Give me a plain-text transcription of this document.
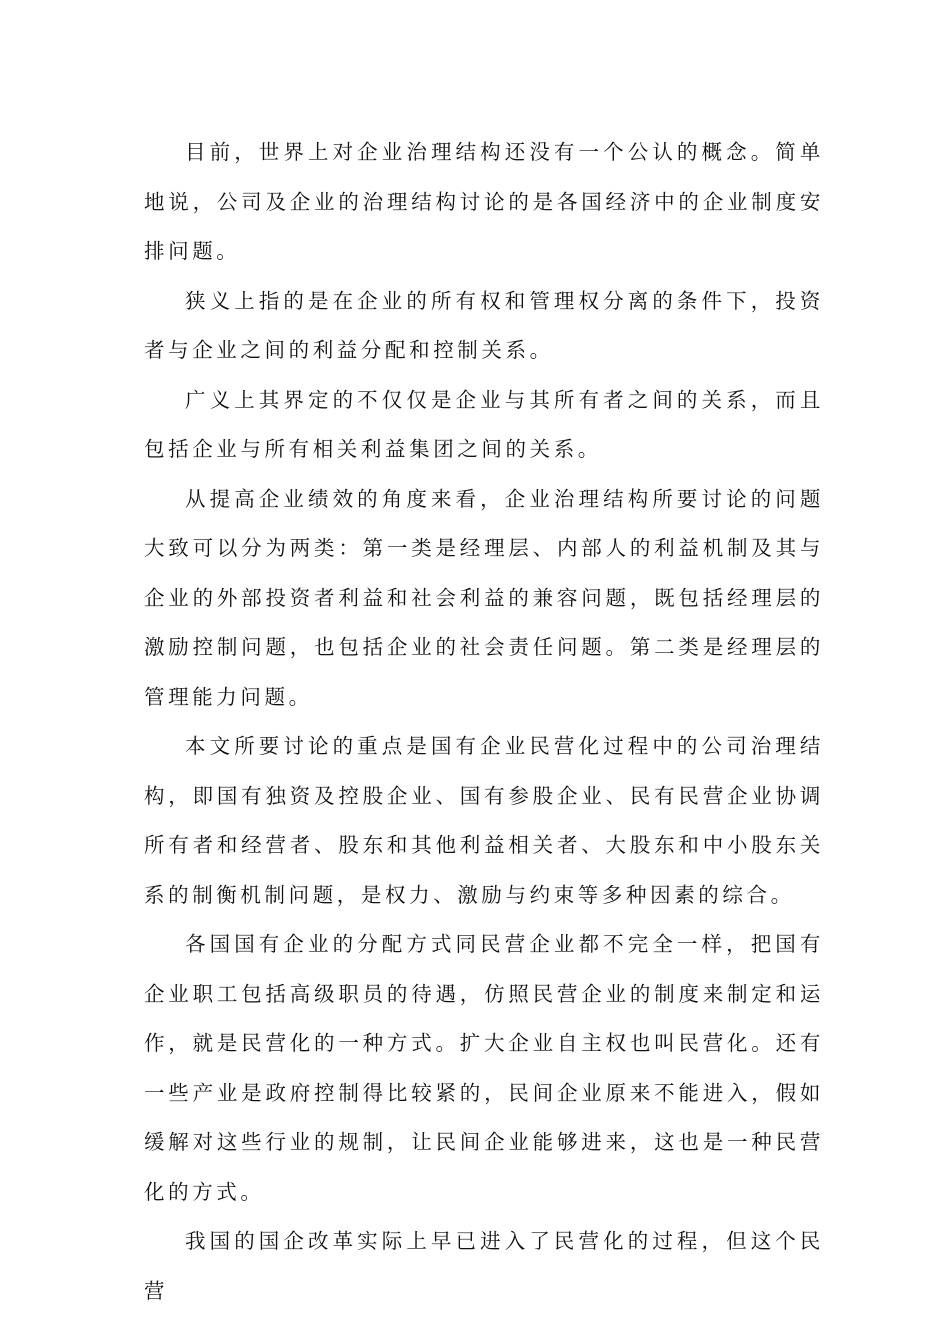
目前，世界上对企业治理结构还没有一个公认的概念。简单地说，公司及企业的治理结构讨论的是各国经济中的企业制度安排问题。

狭义上指的是在企业的所有权和管理权分离的条件下，投资者与企业之间的利益分配和控制关系。

广义上其界定的不仅仅是企业与其所有者之间的关系，而且包括企业与所有相关利益集团之间的关系。

从提高企业绩效的角度来看，企业治理结构所要讨论的问题大致可以分为两类：第一类是经理层、内部人的利益机制及其与企业的外部投资者利益和社会利益的兼容问题，既包括经理层的激励控制问题，也包括企业的社会责任问题。第二类是经理层的管理能力问题。

本文所要讨论的重点是国有企业民营化过程中的公司治理结构，即国有独资及控股企业、国有参股企业、民有民营企业协调所有者和经营者、股东和其他利益相关者、大股东和中小股东关系的制衡机制问题，是权力、激励与约束等多种因素的综合。

各国国有企业的分配方式同民营企业都不完全一样，把国有企业职工包括高级职员的待遇，仿照民营企业的制度来制定和运作，就是民营化的一种方式。扩大企业自主权也叫民营化。还有一些产业是政府控制得比较紧的，民间企业原来不能进入，假如缓解对这些行业的规制，让民间企业能够进来，这也是一种民营化的方式。

我国的国企改革实际上早已进入了民营化的过程，但这个民营
